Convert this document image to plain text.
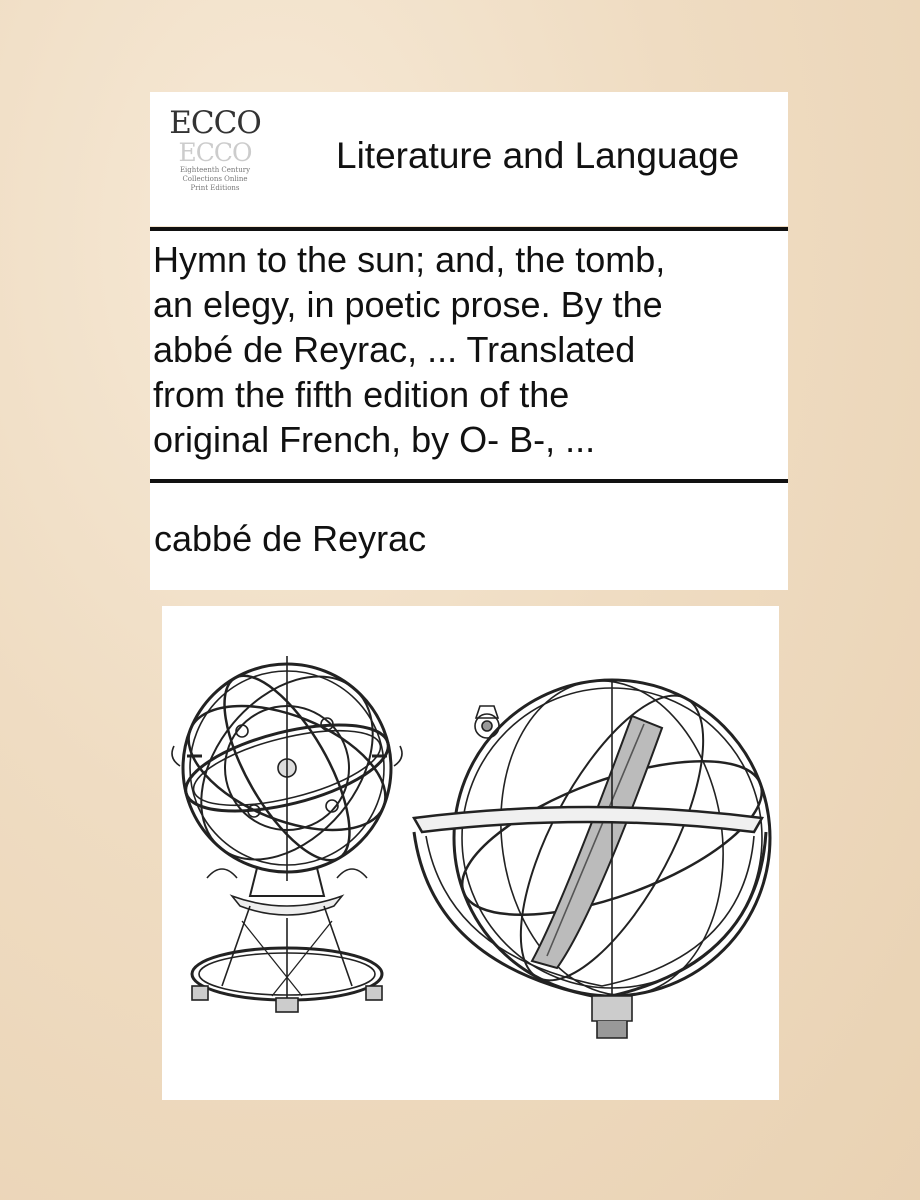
ECCO
ECCO
Eighteenth Century
Collections Online
Print Editions
Literature and Language
Hymn to the sun; and, the tomb,
an elegy, in poetic prose. By the
abbé de Reyrac, ... Translated
from the fifth edition of the
original French, by O- B-, ...
cabbé de Reyrac
